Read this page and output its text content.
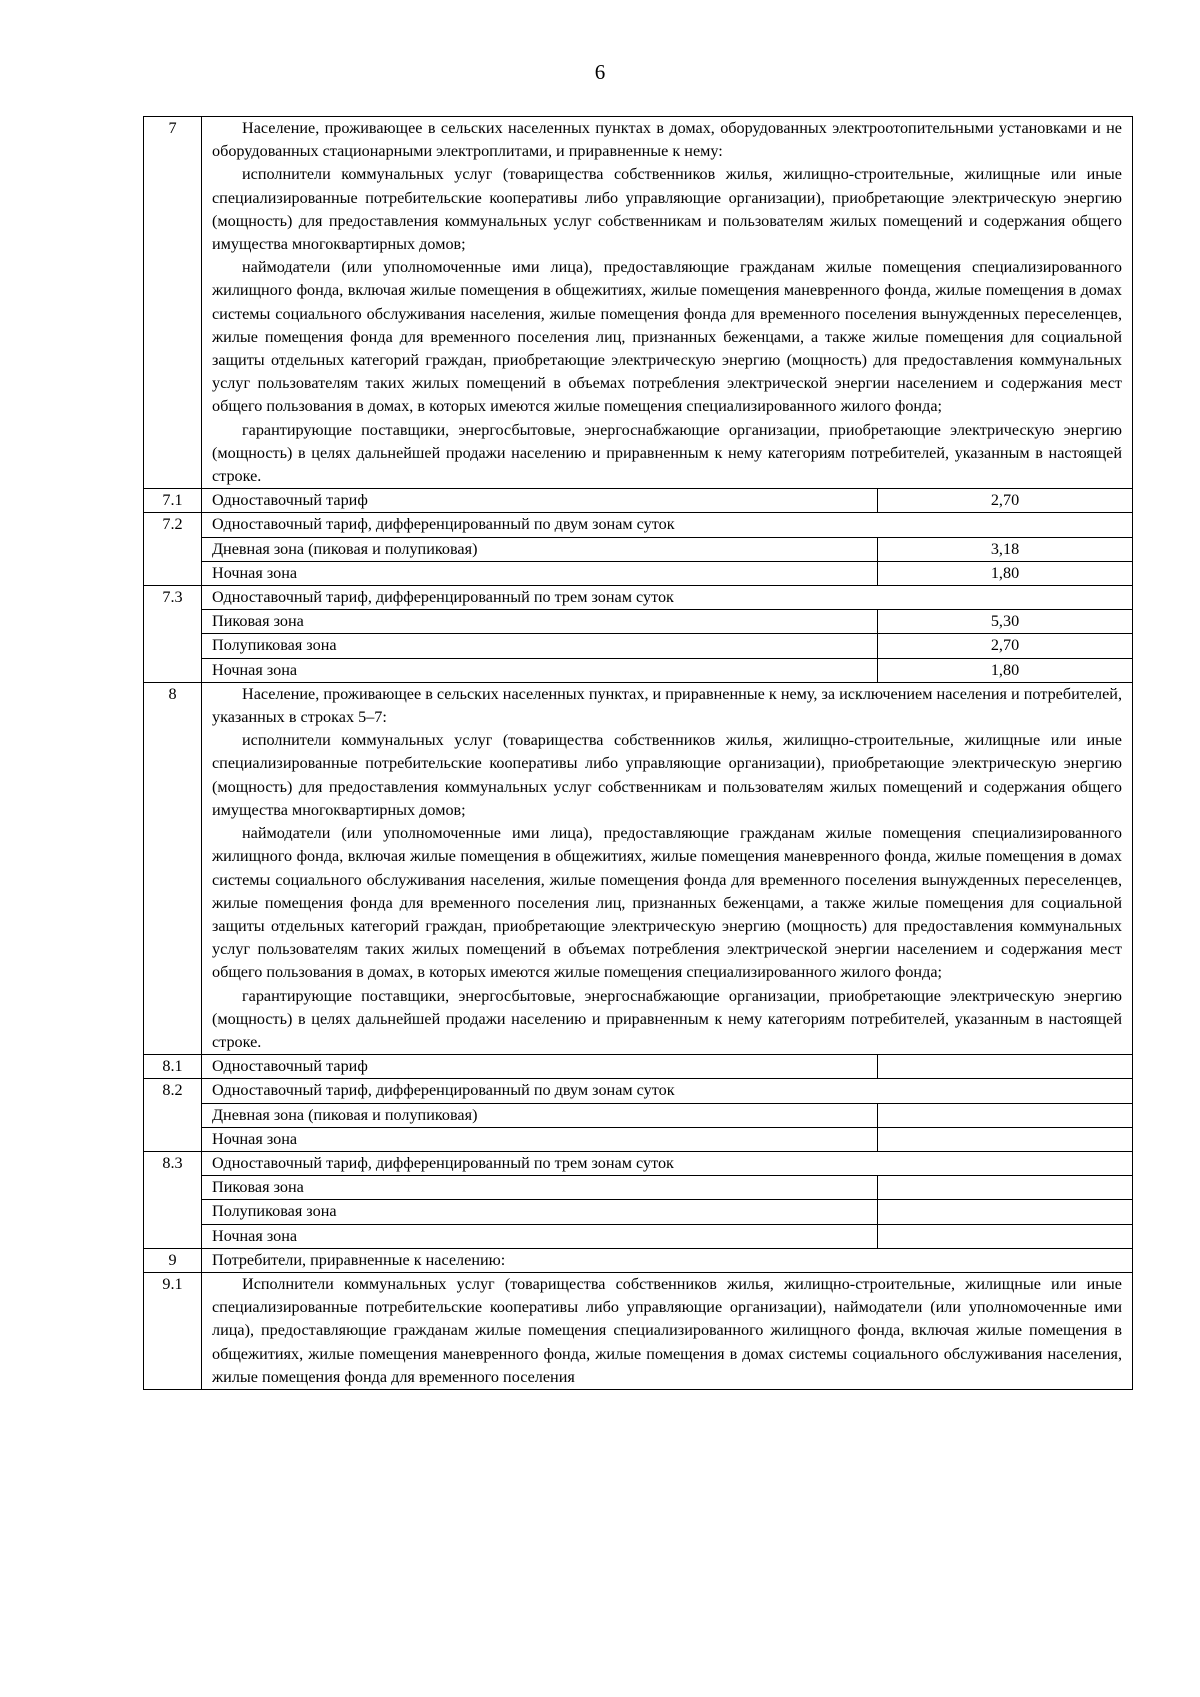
6
7	Население, проживающее в сельских населенных пунктах в домах, оборудованных электроотопительными установками и не оборудованных стационарными электроплитами, и приравненные к нему:

исполнители коммунальных услуг (товарищества собственников жилья, жилищно-строительные, жилищные или иные специализированные потребительские кооперативы либо управляющие организации), приобретающие электрическую энергию (мощность) для предоставления коммунальных услуг собственникам и пользователям жилых помещений и содержания общего имущества многоквартирных домов;

наймодатели (или уполномоченные ими лица), предоставляющие гражданам жилые помещения специализированного жилищного фонда, включая жилые помещения в общежитиях, жилые помещения маневренного фонда, жилые помещения в домах системы социального обслуживания населения, жилые помещения фонда для временного поселения вынужденных переселенцев, жилые помещения фонда для временного поселения лиц, признанных беженцами, а также жилые помещения для социальной защиты отдельных категорий граждан, приобретающие электрическую энергию (мощность) для предоставления коммунальных услуг пользователям таких жилых помещений в объемах потребления электрической энергии населением и содержания мест общего пользования в домах, в которых имеются жилые помещения специализированного жилого фонда;

гарантирующие поставщики, энергосбытовые, энергоснабжающие организации, приобретающие электрическую энергию (мощность) в целях дальнейшей продажи населению и приравненным к нему категориям потребителей, указанным в настоящей строке.	

7.1	Одноставочный тариф	2,70
7.2	Одноставочный тариф, дифференцированный по двум зонам суток	
	Дневная зона (пиковая и полупиковая)	3,18
	Ночная зона	1,80
7.3	Одноставочный тариф, дифференцированный по трем зонам суток	
	Пиковая зона	5,30
	Полупиковая зона	2,70
	Ночная зона	1,80
8	Население, проживающее в сельских населенных пунктах, и приравненные к нему, за исключением населения и потребителей, указанных в строках 5–7:

исполнители коммунальных услуг (товарищества собственников жилья, жилищно-строительные, жилищные или иные специализированные потребительские кооперативы либо управляющие организации), приобретающие электрическую энергию (мощность) для предоставления коммунальных услуг собственникам и пользователям жилых помещений и содержания общего имущества многоквартирных домов;

наймодатели (или уполномоченные ими лица), предоставляющие гражданам жилые помещения специализированного жилищного фонда, включая жилые помещения в общежитиях, жилые помещения маневренного фонда, жилые помещения в домах системы социального обслуживания населения, жилые помещения фонда для временного поселения вынужденных переселенцев, жилые помещения фонда для временного поселения лиц, признанных беженцами, а также жилые помещения для социальной защиты отдельных категорий граждан, приобретающие электрическую энергию (мощность) для предоставления коммунальных услуг пользователям таких жилых помещений в объемах потребления электрической энергии населением и содержания мест общего пользования в домах, в которых имеются жилые помещения специализированного жилого фонда;

гарантирующие поставщики, энергосбытовые, энергоснабжающие организации, приобретающие электрическую энергию (мощность) в целях дальнейшей продажи населению и приравненным к нему категориям потребителей, указанным в настоящей строке.	

8.1	Одноставочный тариф	
8.2	Одноставочный тариф, дифференцированный по двум зонам суток	
	Дневная зона (пиковая и полупиковая)	
	Ночная зона	
8.3	Одноставочный тариф, дифференцированный по трем зонам суток	
	Пиковая зона	
	Полупиковая зона	
	Ночная зона	
9	Потребители, приравненные к населению:	
9.1	Исполнители коммунальных услуг (товарищества собственников жилья, жилищно-строительные, жилищные или иные специализированные потребительские кооперативы либо управляющие организации), наймодатели (или уполномоченные ими лица), предоставляющие гражданам жилые помещения специализированного жилищного фонда, включая жилые помещения в общежитиях, жилые помещения маневренного фонда, жилые помещения в домах системы социального обслуживания населения, жилые помещения фонда для временного поселения	
